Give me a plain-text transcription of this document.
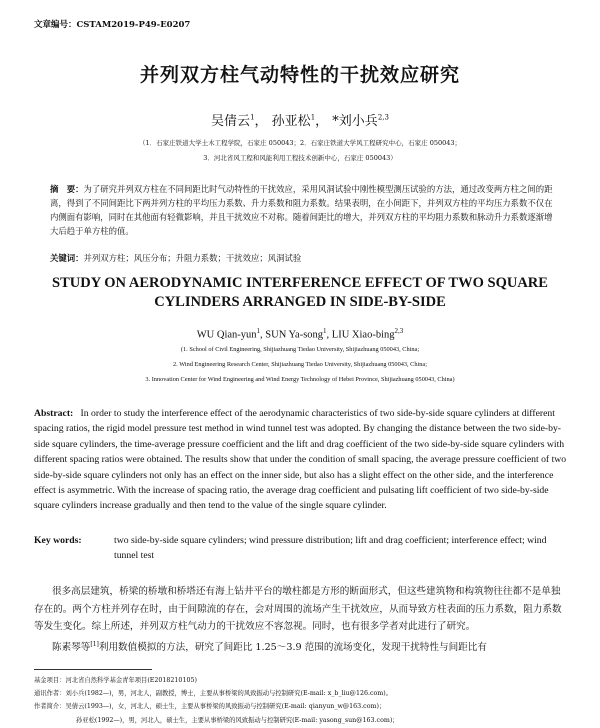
文章编号：CSTAM2019-P49-E0207
并列双方柱气动特性的干扰效应研究
吴倩云$^1$， 孙亚松$^1$， *刘小兵$^{2,3}$
（1．石家庄铁道大学土木工程学院，石家庄 050043；2．石家庄铁道大学风工程研究中心，石家庄 050043；
3．河北省风工程和风能利用工程技术创新中心，石家庄 050043）
摘　要：为了研究并列双方柱在不同间距比时气动特性的干扰效应，采用风洞试验中刚性模型测压试验的方法，通过改变两方柱之间的距离，得到了不同间距比下两并列方柱的平均压力系数、升力系数和阻力系数。结果表明，在小间距下，并列双方柱的平均压力系数不仅在内侧面有影响，同时在其他面有轻微影响，并且干扰效应不对称。随着间距比的增大，并列双方柱的平均阻力系数和脉动升力系数逐渐增大后趋于单方柱的值。
关键词：并列双方柱；风压分布；升阻力系数；干扰效应；风洞试验
STUDY ON AERODYNAMIC INTERFERENCE EFFECT OF TWO SQUARE
CYLINDERS ARRANGED IN SIDE-BY-SIDE
WU Qian-yun$^1$, SUN Ya-song$^1$, LIU Xiao-bing$^{2,3}$
(1. School of Civil Engineering, Shijiazhuang Tiedao University, Shijiazhuang 050043, China;
2. Wind Engineering Research Center, Shijiazhuang Tiedao University, Shijiazhuang 050043, China;
3. Innovation Center for Wind Engineering and Wind Energy Technology of Hebei Province, Shijiazhuang 050043, China)
Abstract: In order to study the interference effect of the aerodynamic characteristics of two side-by-side square cylinders at different spacing ratios, the rigid model pressure test method in wind tunnel test was adopted. By changing the distance between the two side-by-side square cylinders, the time-average pressure coefficient and the lift and drag coefficient of the two side-by-side square cylinders with different spacing ratios were obtained. The results show that under the condition of small spacing, the average pressure coefficient of two side-by-side square cylinders not only has an effect on the inner side, but also has a slight effect on the other side, and the interference effect is asymmetric. With the increase of spacing ratio, the average drag coefficient and pulsating lift coefficient of two side-by-side square cylinders increase gradually and then tend to the value of the single square cylinder.
Key words:	two side-by-side square cylinders; wind pressure distribution; lift and drag coefficient; interference effect; wind tunnel test
很多高层建筑，桥梁的桥墩和桥塔还有海上钻井平台的墩柱都是方形的断面形式，但这些建筑物和构筑物往往都不是单独存在的。两个方柱并列存在时，由于间隙流的存在，会对周围的流场产生干扰效应，从而导致方柱表面的压力系数，阻力系数等发生变化。综上所述，并列双方柱气动力的干扰效应不容忽视。同时，也有很多学者对此进行了研究。
陈素琴等[1]利用数值模拟的方法，研究了间距比 1.25～3.9 范围的流场变化，发现干扰特性与间距比有
基金项目：河北省自然科学基金青年项目(E2018210105)
通讯作者：刘小兵(1982—)，男，河北人，副教授，博士，主要从事桥梁的风致振动与控制研究(E-mail: x_b_liu@126.com)。
作者简介：吴倩云(1993—)，女，河北人，硕士生，主要从事桥梁的风致振动与控制研究(E-mail: qianyun_w@163.com)；
孙亚松(1992—)，男，河北人，硕士生，主要从事桥梁的风致振动与控制研究(E-mail: yasong_sun@163.com)；
